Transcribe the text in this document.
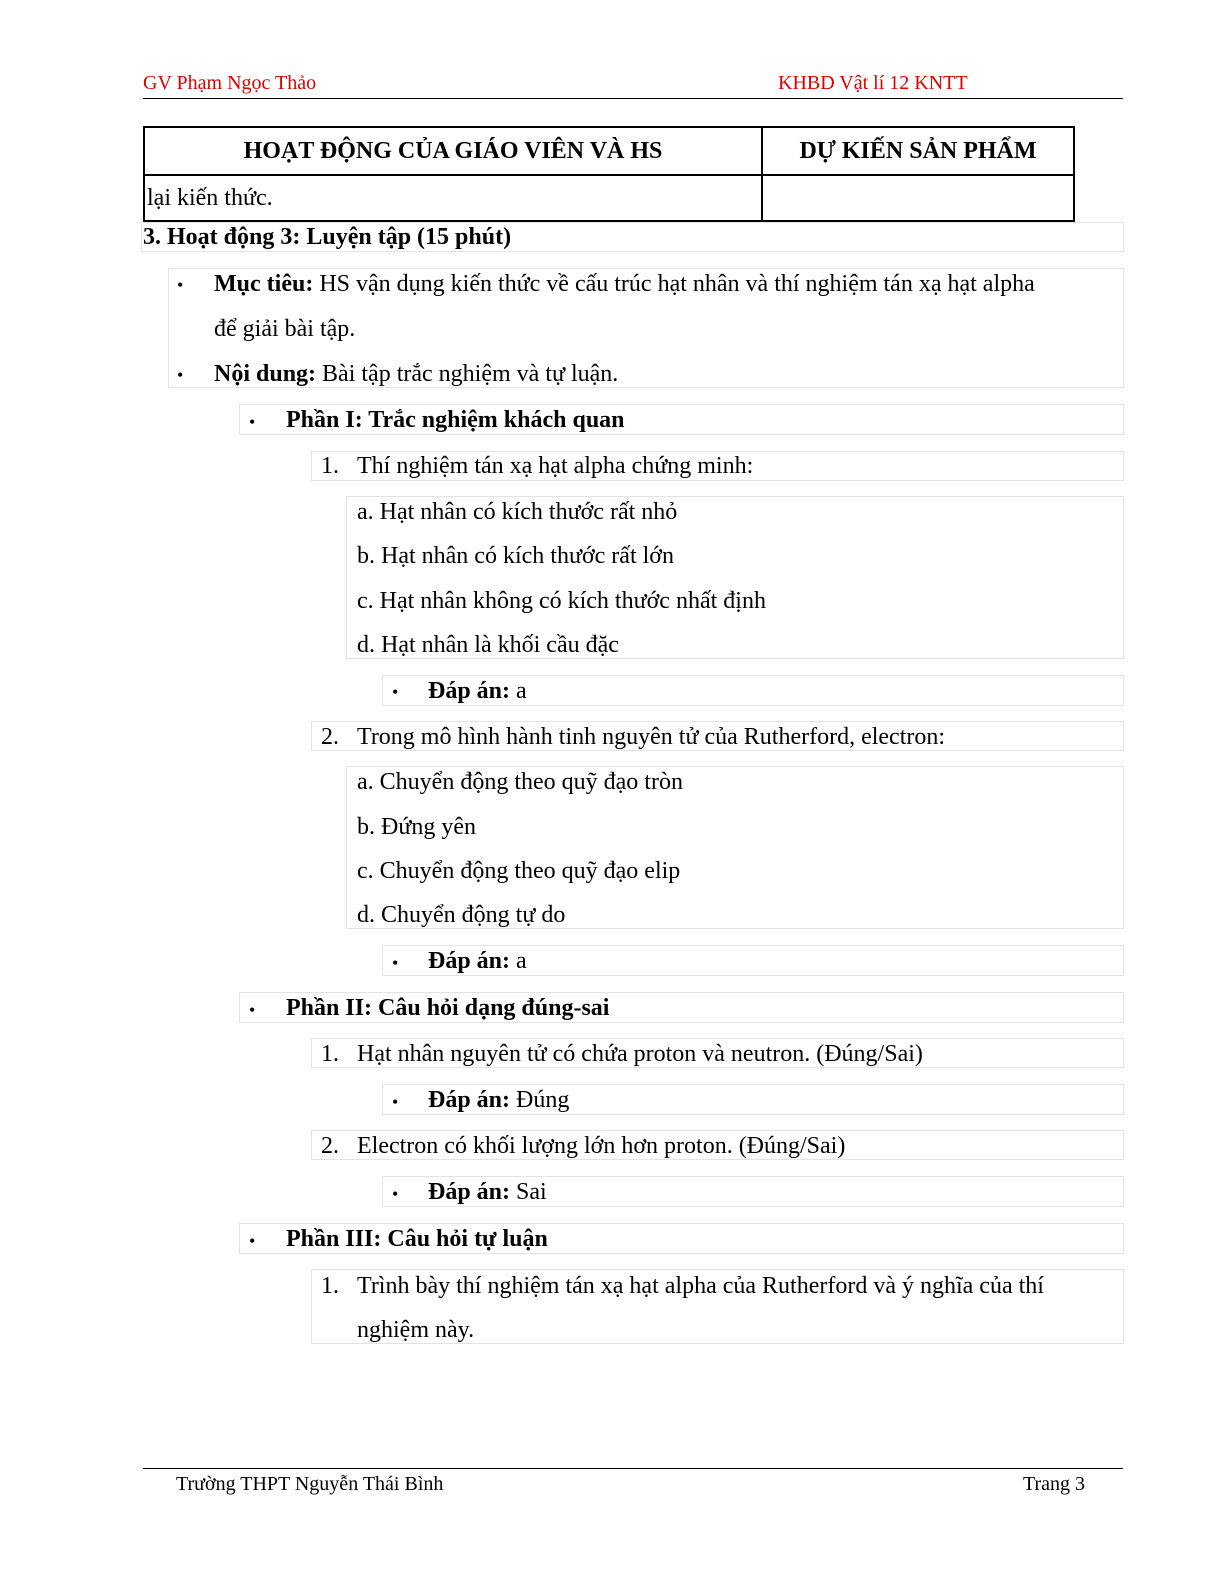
GV Phạm Ngọc Thảo	KHBD Vật lí 12 KNTT
HOẠT ĐỘNG CỦA GIÁO VIÊN VÀ HS	DỰ KIẾN SẢN PHẨM
lại kiến thức.	
3. Hoạt động 3: Luyện tập (15 phút)
• Mục tiêu: HS vận dụng kiến thức về cấu trúc hạt nhân và thí nghiệm tán xạ hạt alpha
để giải bài tập.
• Nội dung: Bài tập trắc nghiệm và tự luận.
• Phần I: Trắc nghiệm khách quan
1. Thí nghiệm tán xạ hạt alpha chứng minh:
a. Hạt nhân có kích thước rất nhỏ
b. Hạt nhân có kích thước rất lớn
c. Hạt nhân không có kích thước nhất định
d. Hạt nhân là khối cầu đặc
• Đáp án: a
2. Trong mô hình hành tinh nguyên tử của Rutherford, electron:
a. Chuyển động theo quỹ đạo tròn
b. Đứng yên
c. Chuyển động theo quỹ đạo elip
d. Chuyển động tự do
• Đáp án: a
• Phần II: Câu hỏi dạng đúng-sai
1. Hạt nhân nguyên tử có chứa proton và neutron. (Đúng/Sai)
• Đáp án: Đúng
2. Electron có khối lượng lớn hơn proton. (Đúng/Sai)
• Đáp án: Sai
• Phần III: Câu hỏi tự luận
1. Trình bày thí nghiệm tán xạ hạt alpha của Rutherford và ý nghĩa của thí
nghiệm này.
Trường THPT Nguyễn Thái Bình	Trang 3
